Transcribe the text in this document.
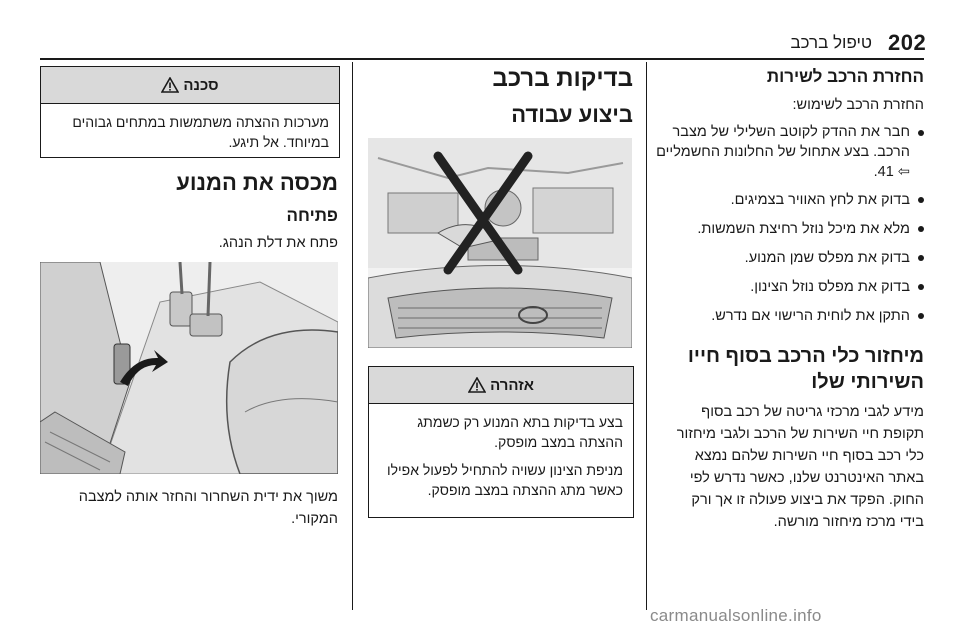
202
טיפול ברכב
החזרת הרכב לשירות
החזרת הרכב לשימוש:
חבר את ההדק לקוטב השלילי של מצבר הרכב. בצע אתחול של החלונות החשמליים ⇦ 41.
בדוק את לחץ האוויר בצמיגים.
מלא את מיכל נוזל רחיצת השמשות.
בדוק את מפלס שמן המנוע.
בדוק את מפלס נוזל הצינון.
התקן את לוחית הרישוי אם נדרש.
מיחזור כלי הרכב בסוף חייו
השירותי שלו
מידע לגבי מרכזי גריטה של רכב בסוף
תקופת חיי השירות של הרכב ולגבי מיחזור
כלי רכב בסוף חיי השירות שלהם נמצא
באתר האינטרנט שלנו, כאשר נדרש לפי
החוק. הפקד את ביצוע פעולה זו אך ורק
בידי מרכז מיחזור מורשה.
בדיקות ברכב
ביצוע עבודה
אזהרה
בצע בדיקות בתא המנוע רק כשמתג ההצתה במצב מופסק.
מניפת הצינון עשויה להתחיל לפעול אפילו כאשר מתג ההצתה במצב מופסק.
סכנה
מערכות ההצתה משתמשות במתחים גבוהים במיוחד. אל תיגע.
מכסה את המנוע
פתיחה
פתח את דלת הנהג.
משוך את ידית השחרור והחזר אותה למצבה המקורי.
carmanualsonline.info
